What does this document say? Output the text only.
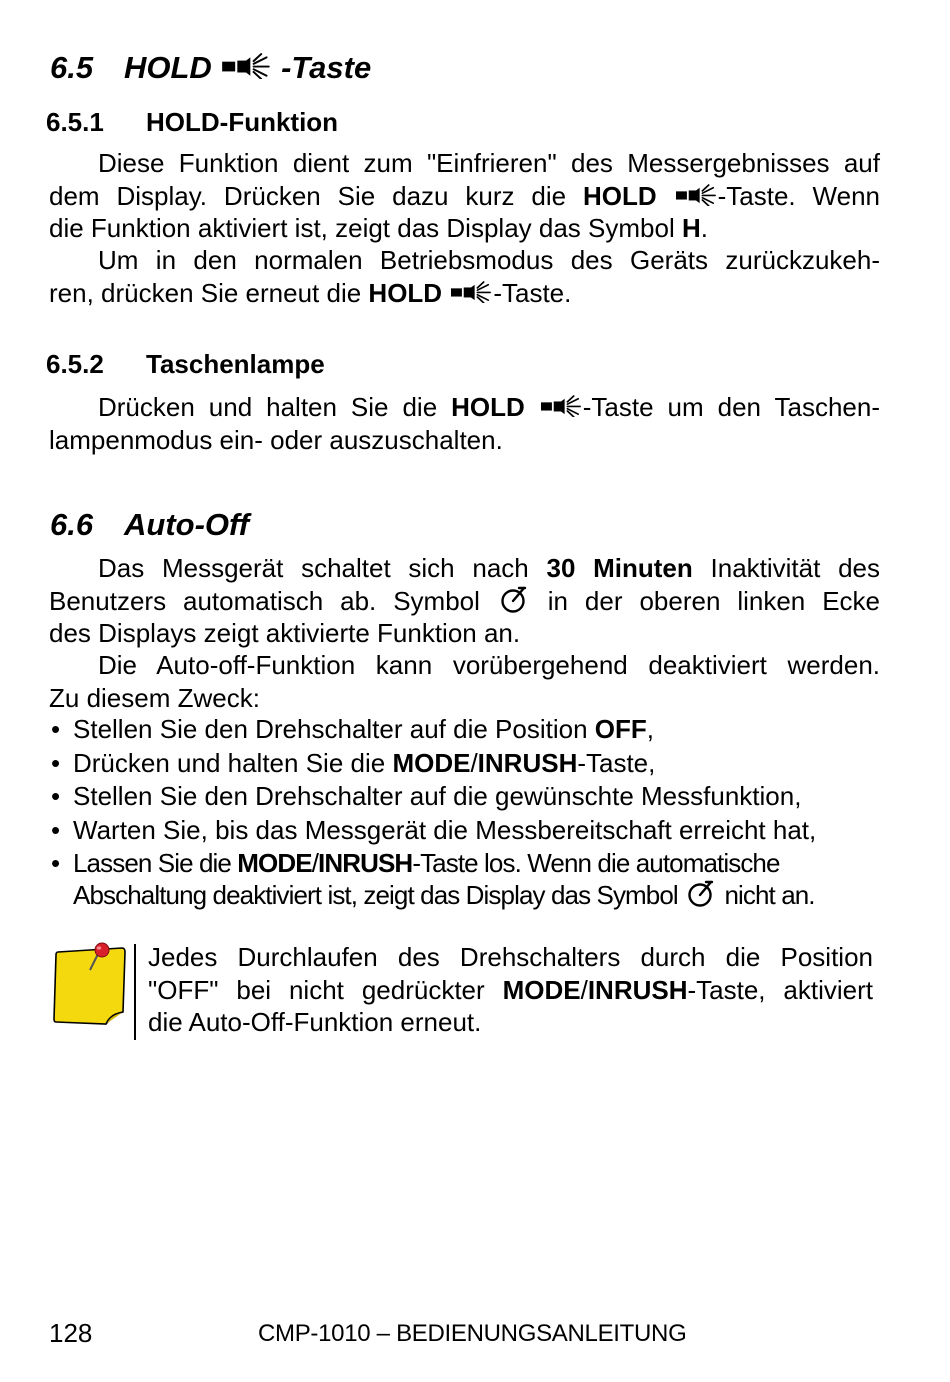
6.5 HOLD -Taste
6.5.1 HOLD-Funktion
Diese Funktion dient zum "Einfrieren" des Messergebnisses auf
dem Display. Drücken Sie dazu kurz die HOLD -Taste. Wenn
die Funktion aktiviert ist, zeigt das Display das Symbol H.
Um in den normalen Betriebsmodus des Geräts zurückzukeh-
ren, drücken Sie erneut die HOLD -Taste.
6.5.2 Taschenlampe
Drücken und halten Sie die HOLD -Taste um den Taschen-
lampenmodus ein- oder auszuschalten.
6.6 Auto-Off
Das Messgerät schaltet sich nach 30 Minuten Inaktivität des
Benutzers automatisch ab. Symbol  in der oberen linken Ecke
des Displays zeigt aktivierte Funktion an.
Die Auto-off-Funktion kann vorübergehend deaktiviert werden.
Zu diesem Zweck:
• Stellen Sie den Drehschalter auf die Position OFF,
• Drücken und halten Sie die MODE/INRUSH-Taste,
• Stellen Sie den Drehschalter auf die gewünschte Messfunktion,
• Warten Sie, bis das Messgerät die Messbereitschaft erreicht hat,
• Lassen Sie die MODE/INRUSH-Taste los. Wenn die automatische
Abschaltung deaktiviert ist, zeigt das Display das Symbol  nicht an.
Jedes Durchlaufen des Drehschalters durch die Position
"OFF" bei nicht gedrückter MODE/INRUSH-Taste, aktiviert
die Auto-Off-Funktion erneut.
128	CMP-1010 – BEDIENUNGSANLEITUNG
